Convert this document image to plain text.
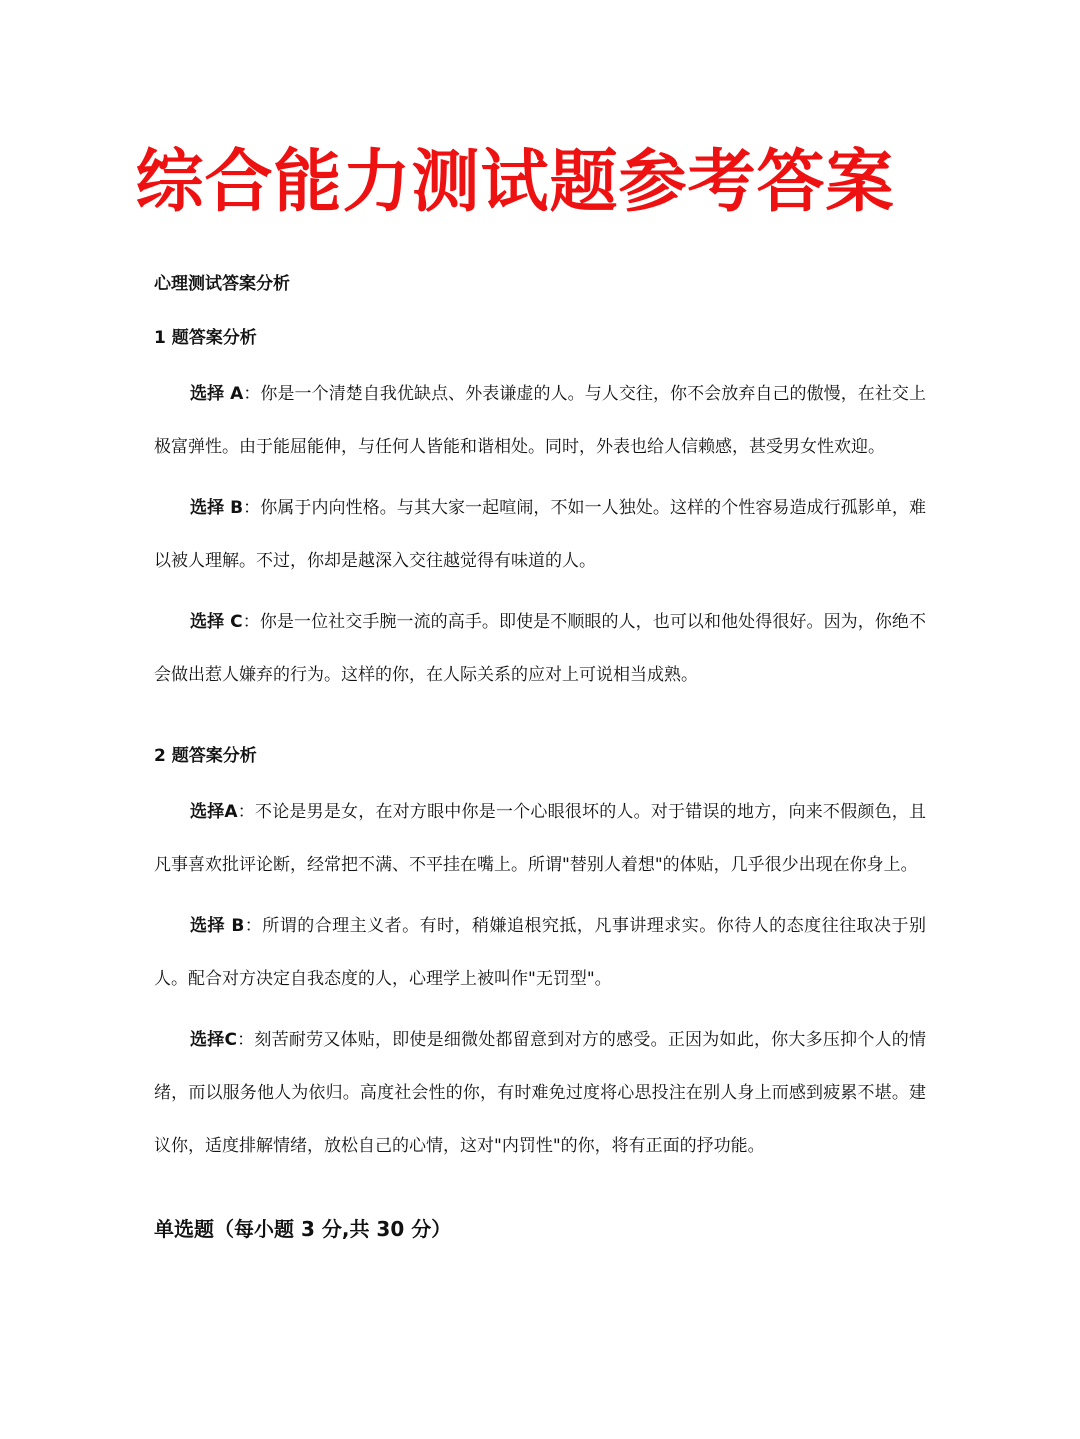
综合能力测试题参考答案

心理测试答案分析

1 题答案分析

选择 A：你是一个清楚自我优缺点、外表谦虚的人。与人交往，你不会放弃自己的傲慢，在社交上极富弹性。由于能屈能伸，与任何人皆能和谐相处。同时，外表也给人信赖感，甚受男女性欢迎。

选择 B：你属于内向性格。与其大家一起喧闹，不如一人独处。这样的个性容易造成行孤影单，难以被人理解。不过，你却是越深入交往越觉得有味道的人。

选择 C：你是一位社交手腕一流的高手。即使是不顺眼的人，也可以和他处得很好。因为，你绝不会做出惹人嫌弃的行为。这样的你，在人际关系的应对上可说相当成熟。

2 题答案分析

选择A：不论是男是女，在对方眼中你是一个心眼很坏的人。对于错误的地方，向来不假颜色，且凡事喜欢批评论断，经常把不满、不平挂在嘴上。所谓"替别人着想"的体贴，几乎很少出现在你身上。

选择 B：所谓的合理主义者。有时，稍嫌追根究抵，凡事讲理求实。你待人的态度往往取决于别人。配合对方决定自我态度的人，心理学上被叫作"无罚型"。

选择C：刻苦耐劳又体贴，即使是细微处都留意到对方的感受。正因为如此，你大多压抑个人的情绪，而以服务他人为依归。高度社会性的你，有时难免过度将心思投注在别人身上而感到疲累不堪。建议你，适度排解情绪，放松自己的心情，这对"内罚性"的你，将有正面的抒功能。

单选题（每小题 3 分,共 30 分）
